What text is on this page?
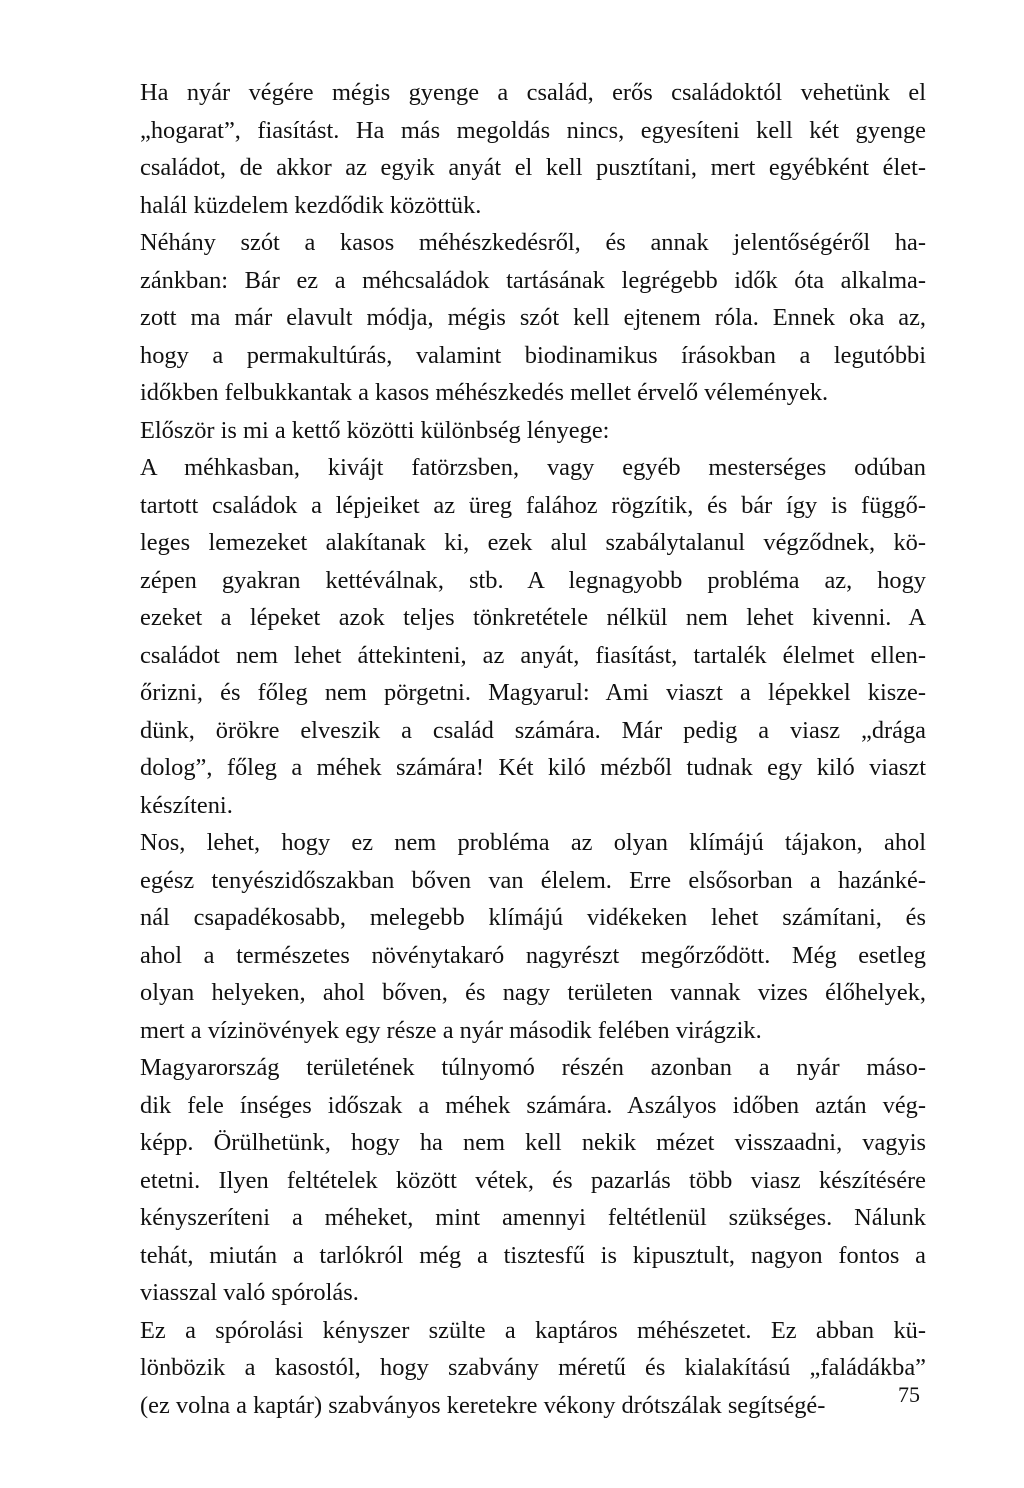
Ha nyár végére mégis gyenge a család, erős családoktól vehetünk el
„hogarat”, fiasítást. Ha más megoldás nincs, egyesíteni kell két gyenge
családot, de akkor az egyik anyát el kell pusztítani, mert egyébként élet-
halál küzdelem kezdődik közöttük.
Néhány szót a kasos méhészkedésről, és annak jelentőségéről ha-
zánkban: Bár ez a méhcsaládok tartásának legrégebb idők óta alkalma-
zott ma már elavult módja, mégis szót kell ejtenem róla. Ennek oka az,
hogy a permakultúrás, valamint biodinamikus írásokban a legutóbbi
időkben felbukkantak a kasos méhészkedés mellet érvelő vélemények.
Először is mi a kettő közötti különbség lényege:
A méhkasban, kivájt fatörzsben, vagy egyéb mesterséges odúban
tartott családok a lépjeiket az üreg falához rögzítik, és bár így is függő-
leges lemezeket alakítanak ki, ezek alul szabálytalanul végződnek, kö-
zépen gyakran kettéválnak, stb. A legnagyobb probléma az, hogy
ezeket a lépeket azok teljes tönkretétele nélkül nem lehet kivenni. A
családot nem lehet áttekinteni, az anyát, fiasítást, tartalék élelmet ellen-
őrizni, és főleg nem pörgetni. Magyarul: Ami viaszt a lépekkel kisze-
dünk, örökre elveszik a család számára. Már pedig a viasz „drága
dolog”, főleg a méhek számára! Két kiló mézből tudnak egy kiló viaszt
készíteni.
Nos, lehet, hogy ez nem probléma az olyan klímájú tájakon, ahol
egész tenyészidőszakban bőven van élelem. Erre elsősorban a hazánké-
nál csapadékosabb, melegebb klímájú vidékeken lehet számítani, és
ahol a természetes növénytakaró nagyrészt megőrződött. Még esetleg
olyan helyeken, ahol bőven, és nagy területen vannak vizes élőhelyek,
mert a vízinövények egy része a nyár második felében virágzik.
Magyarország területének túlnyomó részén azonban a nyár máso-
dik fele ínséges időszak a méhek számára. Aszályos időben aztán vég-
képp. Örülhetünk, hogy ha nem kell nekik mézet visszaadni, vagyis
etetni. Ilyen feltételek között vétek, és pazarlás több viasz készítésére
kényszeríteni a méheket, mint amennyi feltétlenül szükséges. Nálunk
tehát, miután a tarlókról még a tisztesfű is kipusztult, nagyon fontos a
viasszal való spórolás.
Ez a spórolási kényszer szülte a kaptáros méhészetet. Ez abban kü-
lönbözik a kasostól, hogy szabvány méretű és kialakítású „faládákba”
(ez volna a kaptár) szabványos keretekre vékony drótszálak segítségé-	75
